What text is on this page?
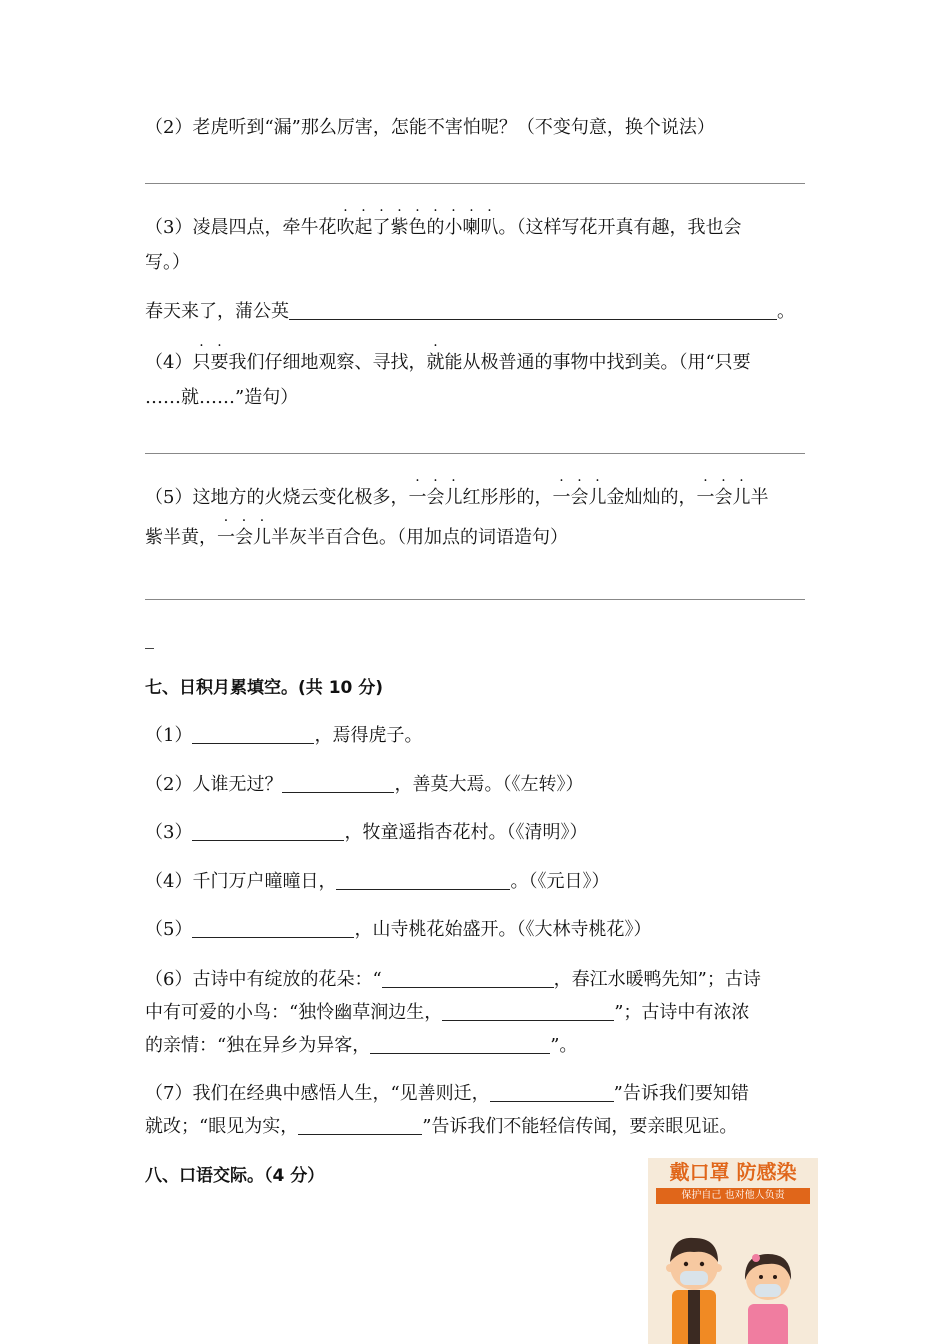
（2）老虎听到“漏”那么厉害，怎能不害怕呢？（不变句意，换个说法）
（3）凌晨四点，牵牛花吹起了紫色的小喇叭。（这样写花开真有趣，我也会
写。）
春天来了，蒲公英	。
（4）只要我们仔细地观察、寻找，就能从极普通的事物中找到美。（用“只要
……就……”造句）
（5）这地方的火烧云变化极多，一会儿红彤彤的，一会儿金灿灿的，一会儿半
紫半黄，一会儿半灰半百合色。（用加点的词语造句）
七、日积月累填空。(共 10 分)
（1）	，焉得虎子。
（2）人谁无过？	，善莫大焉。（《左转》）
（3）	，牧童遥指杏花村。（《清明》）
（4）千门万户曈曈日，	。（《元日》）
（5）	，山寺桃花始盛开。（《大林寺桃花》）
（6）古诗中有绽放的花朵：“	，春江水暖鸭先知”；古诗
中有可爱的小鸟：“独怜幽草涧边生，	”；古诗中有浓浓
的亲情：“独在异乡为异客，	”。
（7）我们在经典中感悟人生，“见善则迁，	”告诉我们要知错
就改；“眼见为实，	”告诉我们不能轻信传闻，要亲眼见证。
八、口语交际。（4 分）	戴口罩 防感染
保护自己 也对他人负责
